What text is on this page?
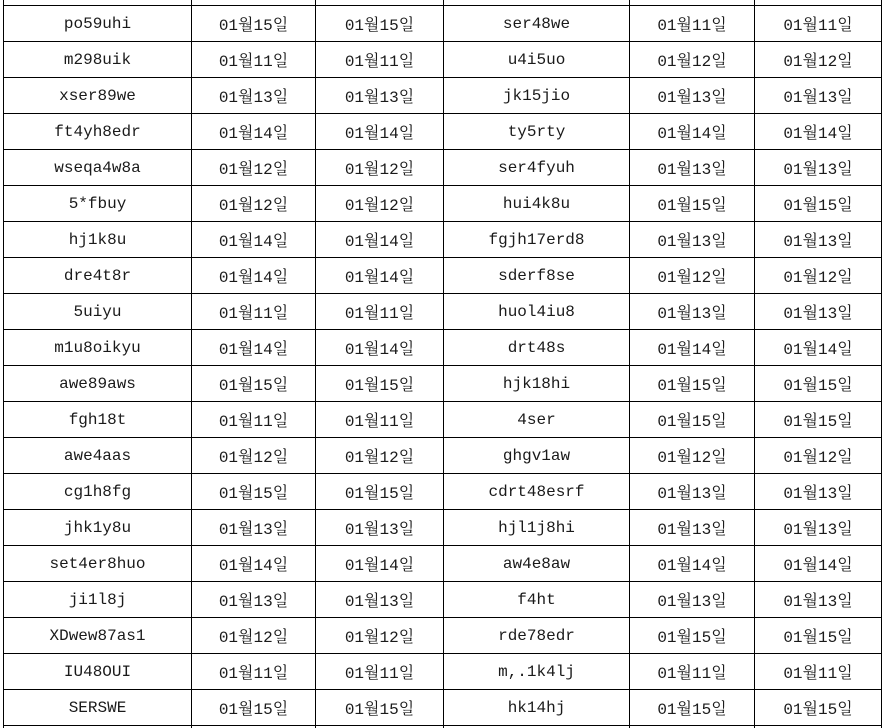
po59uhi	01월15일	01월15일	ser48we	01월11일	01월11일
m298uik	01월11일	01월11일	u4i5uo	01월12일	01월12일
xser89we	01월13일	01월13일	jk15jio	01월13일	01월13일
ft4yh8edr	01월14일	01월14일	ty5rty	01월14일	01월14일
wseqa4w8a	01월12일	01월12일	ser4fyuh	01월13일	01월13일
5*fbuy	01월12일	01월12일	hui4k8u	01월15일	01월15일
hj1k8u	01월14일	01월14일	fgjh17erd8	01월13일	01월13일
dre4t8r	01월14일	01월14일	sderf8se	01월12일	01월12일
5uiyu	01월11일	01월11일	huol4iu8	01월13일	01월13일
m1u8oikyu	01월14일	01월14일	drt48s	01월14일	01월14일
awe89aws	01월15일	01월15일	hjk18hi	01월15일	01월15일
fgh18t	01월11일	01월11일	4ser	01월15일	01월15일
awe4aas	01월12일	01월12일	ghgv1aw	01월12일	01월12일
cg1h8fg	01월15일	01월15일	cdrt48esrf	01월13일	01월13일
jhk1y8u	01월13일	01월13일	hjl1j8hi	01월13일	01월13일
set4er8huo	01월14일	01월14일	aw4e8aw	01월14일	01월14일
ji1l8j	01월13일	01월13일	f4ht	01월13일	01월13일
XDwew87as1	01월12일	01월12일	rde78edr	01월15일	01월15일
IU48OUI	01월11일	01월11일	m,.1k4lj	01월11일	01월11일
SERSWE	01월15일	01월15일	hk14hj	01월15일	01월15일
